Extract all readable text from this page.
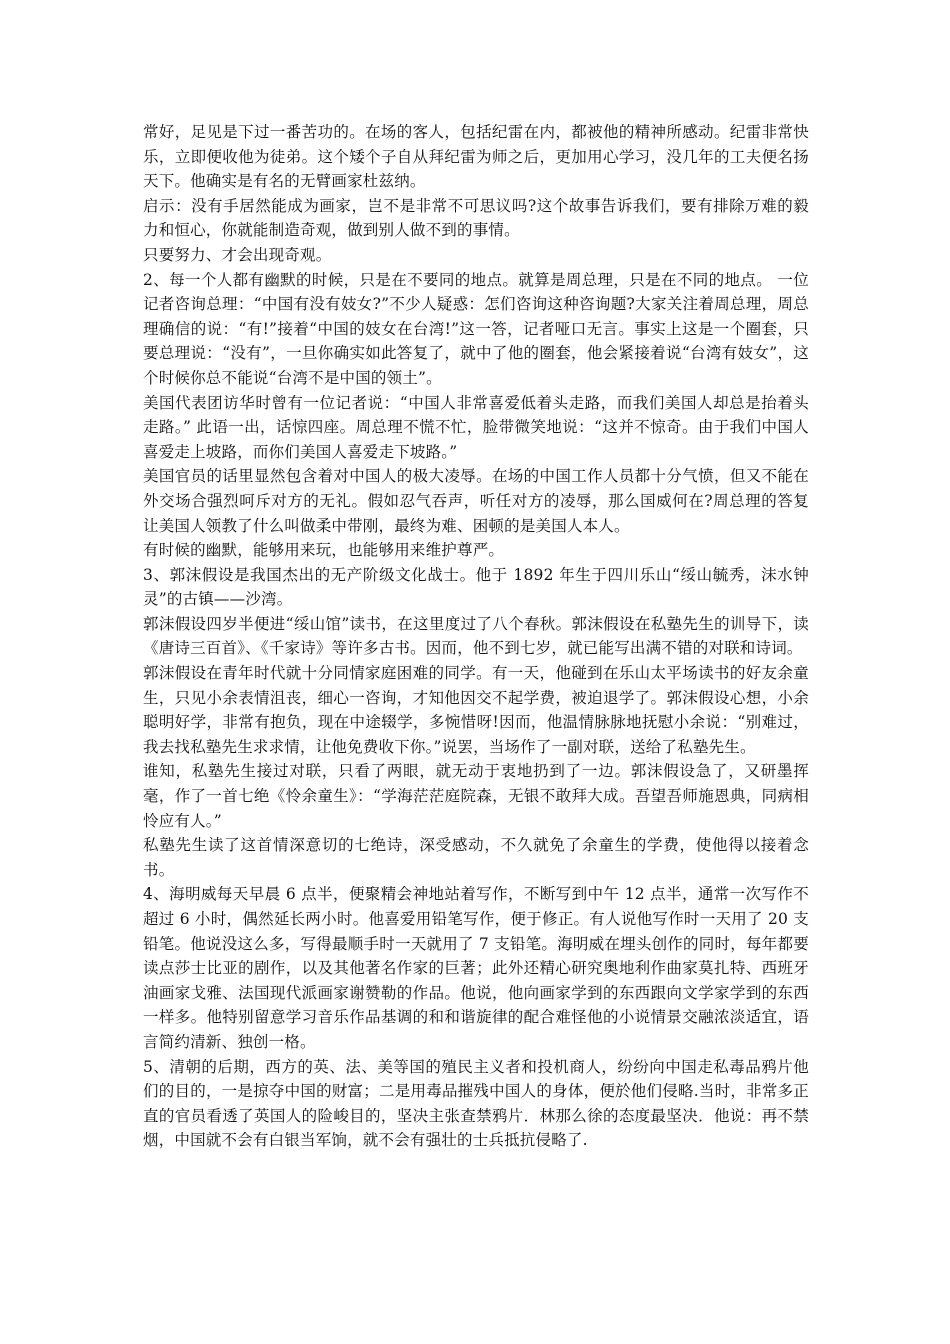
常好，足见是下过一番苦功的。在场的客人，包括纪雷在内，都被他的精神所感动。纪雷非常快乐，立即便收他为徒弟。这个矮个子自从拜纪雷为师之后，更加用心学习，没几年的工夫便名扬天下。他确实是有名的无臂画家杜兹纳。

启示：没有手居然能成为画家，岂不是非常不可思议吗?这个故事告诉我们，要有排除万难的毅力和恒心，你就能制造奇观，做到别人做不到的事情。

只要努力、才会出现奇观。

2、每一个人都有幽默的时候，只是在不要同的地点。就算是周总理，只是在不同的地点。 一位记者咨询总理：“中国有没有妓女?”不少人疑惑：怎们咨询这种咨询题?大家关注着周总理，周总理确信的说：“有!”接着“中国的妓女在台湾!”这一答，记者哑口无言。事实上这是一个圈套，只要总理说：“没有”，一旦你确实如此答复了，就中了他的圈套，他会紧接着说“台湾有妓女”，这个时候你总不能说“台湾不是中国的领土”。

美国代表团访华时曾有一位记者说：“中国人非常喜爱低着头走路，而我们美国人却总是抬着头走路。” 此语一出，话惊四座。周总理不慌不忙，脸带微笑地说：“这并不惊奇。由于我们中国人喜爱走上坡路，而你们美国人喜爱走下坡路。”

美国官员的话里显然包含着对中国人的极大凌辱。在场的中国工作人员都十分气愤，但又不能在外交场合强烈呵斥对方的无礼。假如忍气吞声，听任对方的凌辱，那么国威何在?周总理的答复让美国人领教了什么叫做柔中带刚，最终为难、困顿的是美国人本人。

有时候的幽默，能够用来玩，也能够用来维护尊严。

3、郭沫假设是我国杰出的无产阶级文化战士。他于 1892 年生于四川乐山“绥山毓秀，沫水钟灵”的古镇——沙湾。

郭沫假设四岁半便进“绥山馆”读书，在这里度过了八个春秋。郭沫假设在私塾先生的训导下，读《唐诗三百首》、《千家诗》等许多古书。因而，他不到七岁，就已能写出满不错的对联和诗词。

郭沫假设在青年时代就十分同情家庭困难的同学。有一天，他碰到在乐山太平场读书的好友余童生，只见小余表情沮丧，细心一咨询，才知他因交不起学费，被迫退学了。郭沫假设心想，小余聪明好学，非常有抱负，现在中途辍学，多惋惜呀!因而，他温情脉脉地抚慰小余说：“别难过，我去找私塾先生求求情，让他免费收下你。”说罢，当场作了一副对联，送给了私塾先生。

谁知，私塾先生接过对联，只看了两眼，就无动于衷地扔到了一边。郭沫假设急了，又研墨挥毫，作了一首七绝《怜余童生》：“学海茫茫庭院森，无银不敢拜大成。吾望吾师施恩典，同病相怜应有人。”

私塾先生读了这首情深意切的七绝诗，深受感动，不久就免了余童生的学费，使他得以接着念书。

4、海明威每天早晨 6 点半，便聚精会神地站着写作，不断写到中午 12 点半，通常一次写作不超过 6 小时，偶然延长两小时。他喜爱用铅笔写作，便于修正。有人说他写作时一天用了 20 支铅笔。他说没这么多，写得最顺手时一天就用了 7 支铅笔。海明威在埋头创作的同时，每年都要读点莎士比亚的剧作，以及其他著名作家的巨著；此外还精心研究奥地利作曲家莫扎特、西班牙油画家戈雅、法国现代派画家谢赞勒的作品。他说，他向画家学到的东西跟向文学家学到的东西一样多。他特别留意学习音乐作品基调的和和谐旋律的配合难怪他的小说情景交融浓淡适宜，语言简约清新、独创一格。

5、清朝的后期，西方的英、法、美等国的殖民主义者和投机商人，纷纷向中国走私毒品鸦片他们的目的，一是掠夺中国的财富；二是用毒品摧残中国人的身体，便於他们侵略.当时，非常多正直的官员看透了英国人的险峻目的，坚决主张查禁鸦片．林那么徐的态度最坚决．他说：再不禁烟，中国就不会有白银当军饷，就不会有强壮的士兵抵抗侵略了.
